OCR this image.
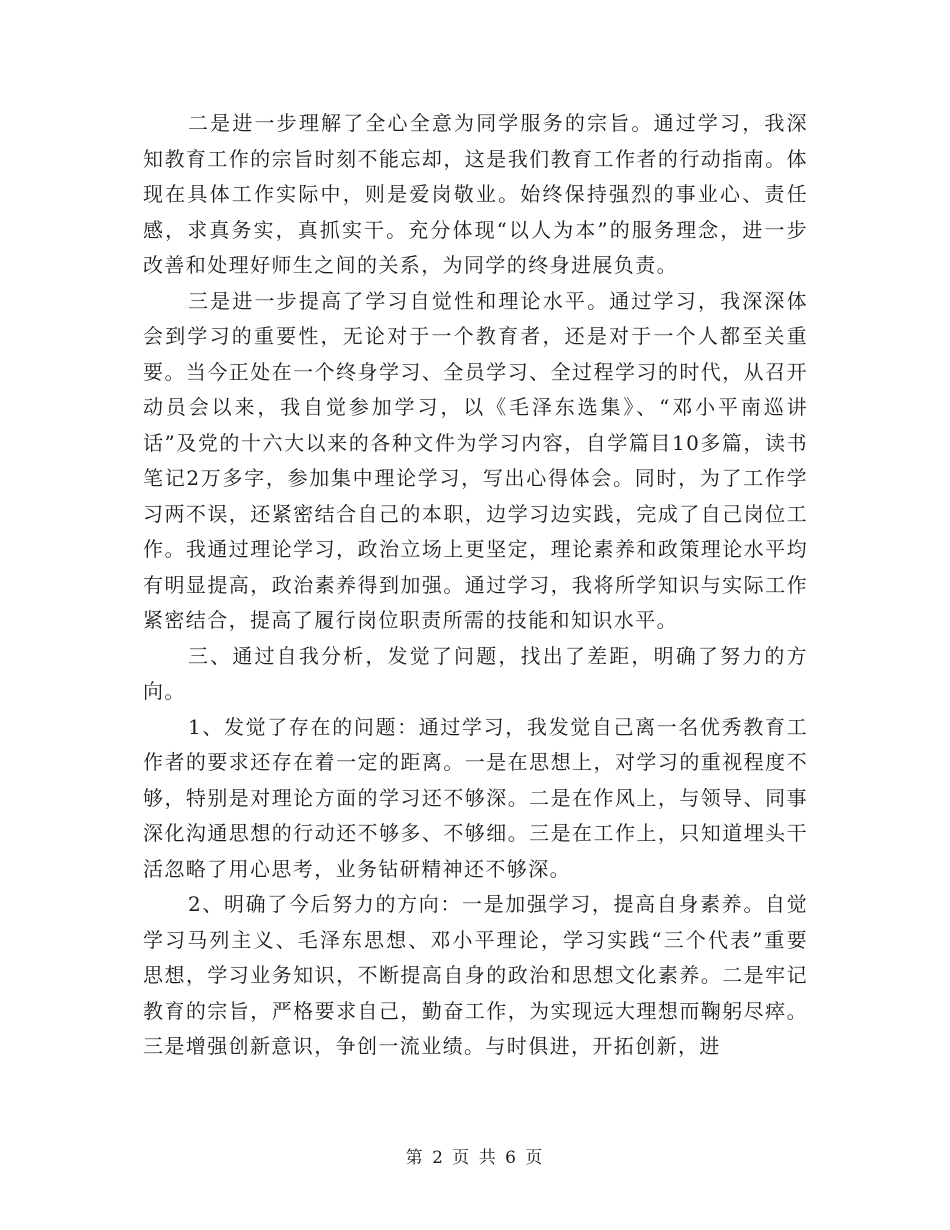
二是进一步理解了全心全意为同学服务的宗旨。通过学习，我深知教育工作的宗旨时刻不能忘却，这是我们教育工作者的行动指南。体现在具体工作实际中，则是爱岗敬业。始终保持强烈的事业心、责任感，求真务实，真抓实干。充分体现“以人为本”的服务理念，进一步改善和处理好师生之间的关系，为同学的终身进展负责。

三是进一步提高了学习自觉性和理论水平。通过学习，我深深体会到学习的重要性，无论对于一个教育者，还是对于一个人都至关重要。当今正处在一个终身学习、全员学习、全过程学习的时代，从召开动员会以来，我自觉参加学习，以《毛泽东选集》、“邓小平南巡讲话”及党的十六大以来的各种文件为学习内容，自学篇目10多篇，读书笔记2万多字，参加集中理论学习，写出心得体会。同时，为了工作学习两不误，还紧密结合自己的本职，边学习边实践，完成了自己岗位工作。我通过理论学习，政治立场上更坚定，理论素养和政策理论水平均有明显提高，政治素养得到加强。通过学习，我将所学知识与实际工作紧密结合，提高了履行岗位职责所需的技能和知识水平。

三、通过自我分析，发觉了问题，找出了差距，明确了努力的方向。

1、发觉了存在的问题：通过学习，我发觉自己离一名优秀教育工作者的要求还存在着一定的距离。一是在思想上，对学习的重视程度不够，特别是对理论方面的学习还不够深。二是在作风上，与领导、同事深化沟通思想的行动还不够多、不够细。三是在工作上，只知道埋头干活忽略了用心思考，业务钻研精神还不够深。

2、明确了今后努力的方向：一是加强学习，提高自身素养。自觉学习马列主义、毛泽东思想、邓小平理论，学习实践“三个代表”重要思想，学习业务知识，不断提高自身的政治和思想文化素养。二是牢记教育的宗旨，严格要求自己，勤奋工作，为实现远大理想而鞠躬尽瘁。三是增强创新意识，争创一流业绩。与时俱进，开拓创新，进

第 2 页 共 6 页
